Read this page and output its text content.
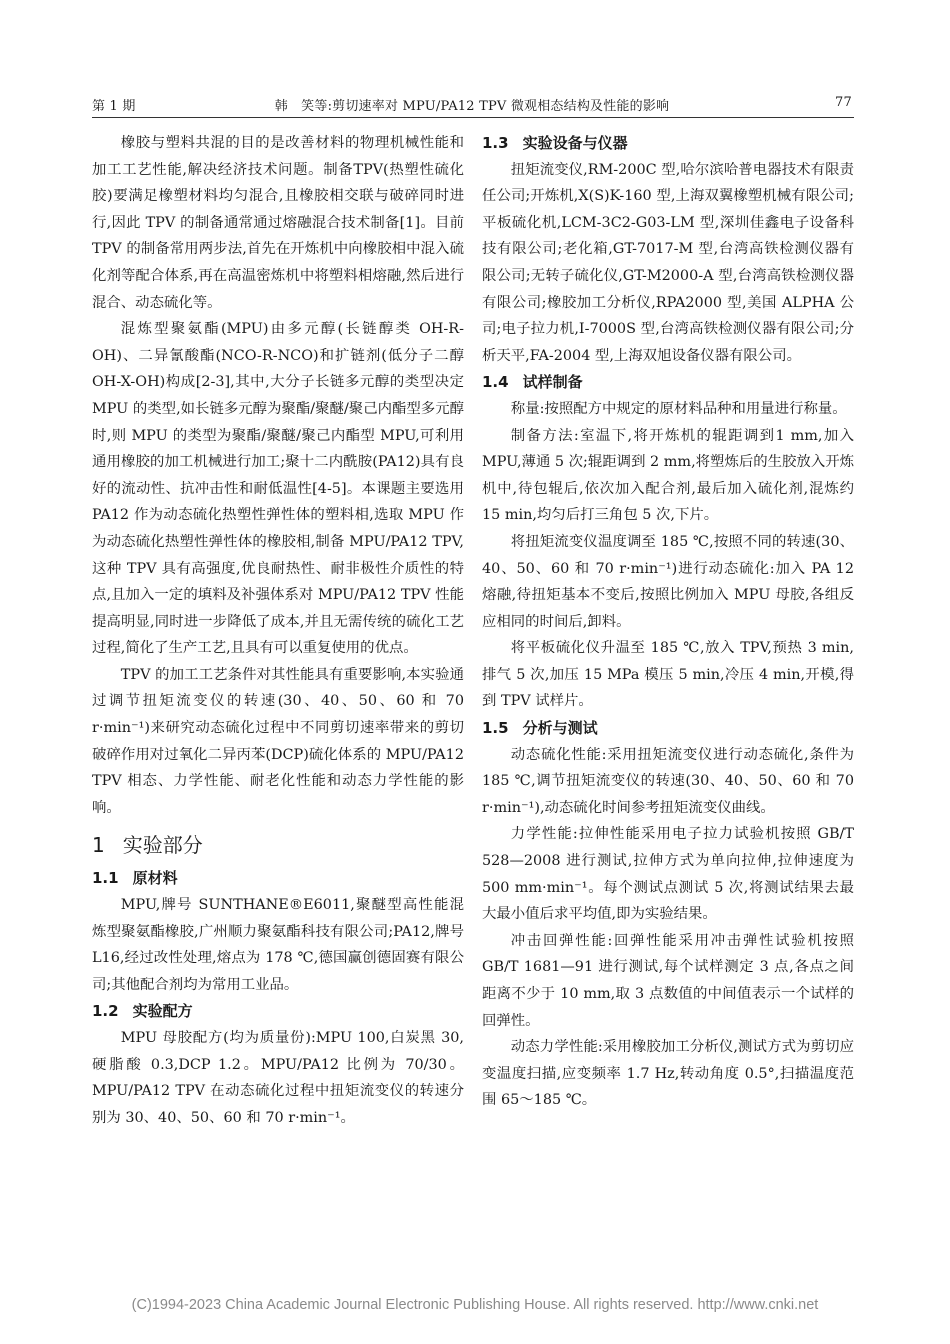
第 1 期	韩　笑等:剪切速率对 MPU/PA12 TPV 微观相态结构及性能的影响	77

橡胶与塑料共混的目的是改善材料的物理机械性能和加工工艺性能,解决经济技术问题。制备TPV(热塑性硫化胶)要满足橡塑材料均匀混合,且橡胶相交联与破碎同时进行,因此 TPV 的制备通常通过熔融混合技术制备[1]。目前 TPV 的制备常用两步法,首先在开炼机中向橡胶相中混入硫化剂等配合体系,再在高温密炼机中将塑料相熔融,然后进行混合、动态硫化等。

混炼型聚氨酯(MPU)由多元醇(长链醇类 OH-R-OH)、二异氰酸酯(NCO-R-NCO)和扩链剂(低分子二醇 OH-X-OH)构成[2-3],其中,大分子长链多元醇的类型决定 MPU 的类型,如长链多元醇为聚酯/聚醚/聚己内酯型多元醇时,则 MPU 的类型为聚酯/聚醚/聚己内酯型 MPU,可利用通用橡胶的加工机械进行加工;聚十二内酰胺(PA12)具有良好的流动性、抗冲击性和耐低温性[4-5]。本课题主要选用 PA12 作为动态硫化热塑性弹性体的塑料相,选取 MPU 作为动态硫化热塑性弹性体的橡胶相,制备 MPU/PA12 TPV,这种 TPV 具有高强度,优良耐热性、耐非极性介质性的特点,且加入一定的填料及补强体系对 MPU/PA12 TPV 性能提高明显,同时进一步降低了成本,并且无需传统的硫化工艺过程,简化了生产工艺,且具有可以重复使用的优点。

TPV 的加工工艺条件对其性能具有重要影响,本实验通过调节扭矩流变仪的转速(30、40、50、60 和 70 r·min⁻¹)来研究动态硫化过程中不同剪切速率带来的剪切破碎作用对过氧化二异丙苯(DCP)硫化体系的 MPU/PA12 TPV 相态、力学性能、耐老化性能和动态力学性能的影响。

1 实验部分
1.1 原材料

MPU,牌号 SUNTHANE®E6011,聚醚型高性能混炼型聚氨酯橡胶,广州顺力聚氨酯科技有限公司;PA12,牌号 L16,经过改性处理,熔点为 178 ℃,德国赢创德固赛有限公司;其他配合剂均为常用工业品。

1.2 实验配方

MPU 母胶配方(均为质量份):MPU 100,白炭黑 30,硬脂酸 0.3,DCP 1.2。MPU/PA12 比例为 70/30。MPU/PA12 TPV 在动态硫化过程中扭矩流变仪的转速分别为 30、40、50、60 和 70 r·min⁻¹。

1.3 实验设备与仪器

扭矩流变仪,RM-200C 型,哈尔滨哈普电器技术有限责任公司;开炼机,X(S)K-160 型,上海双翼橡塑机械有限公司;平板硫化机,LCM-3C2-G03-LM 型,深圳佳鑫电子设备科技有限公司;老化箱,GT-7017-M 型,台湾高铁检测仪器有限公司;无转子硫化仪,GT-M2000-A 型,台湾高铁检测仪器有限公司;橡胶加工分析仪,RPA2000 型,美国 ALPHA 公司;电子拉力机,I-7000S 型,台湾高铁检测仪器有限公司;分析天平,FA-2004 型,上海双旭设备仪器有限公司。

1.4 试样制备

称量:按照配方中规定的原材料品种和用量进行称量。

制备方法:室温下,将开炼机的辊距调到1 mm,加入 MPU,薄通 5 次;辊距调到 2 mm,将塑炼后的生胶放入开炼机中,待包辊后,依次加入配合剂,最后加入硫化剂,混炼约 15 min,均匀后打三角包 5 次,下片。

将扭矩流变仪温度调至 185 ℃,按照不同的转速(30、40、50、60 和 70 r·min⁻¹)进行动态硫化:加入 PA 12 熔融,待扭矩基本不变后,按照比例加入 MPU 母胶,各组反应相同的时间后,卸料。

将平板硫化仪升温至 185 ℃,放入 TPV,预热 3 min,排气 5 次,加压 15 MPa 模压 5 min,冷压 4 min,开模,得到 TPV 试样片。

1.5 分析与测试

动态硫化性能:采用扭矩流变仪进行动态硫化,条件为 185 ℃,调节扭矩流变仪的转速(30、40、50、60 和 70 r·min⁻¹),动态硫化时间参考扭矩流变仪曲线。

力学性能:拉伸性能采用电子拉力试验机按照 GB/T 528—2008 进行测试,拉伸方式为单向拉伸,拉伸速度为 500 mm·min⁻¹。每个测试点测试 5 次,将测试结果去最大最小值后求平均值,即为实验结果。

冲击回弹性能:回弹性能采用冲击弹性试验机按照 GB/T 1681—91 进行测试,每个试样测定 3 点,各点之间距离不少于 10 mm,取 3 点数值的中间值表示一个试样的回弹性。

动态力学性能:采用橡胶加工分析仪,测试方式为剪切应变温度扫描,应变频率 1.7 Hz,转动角度 0.5°,扫描温度范围 65～185 ℃。

(C)1994-2023 China Academic Journal Electronic Publishing House. All rights reserved. http://www.cnki.net
